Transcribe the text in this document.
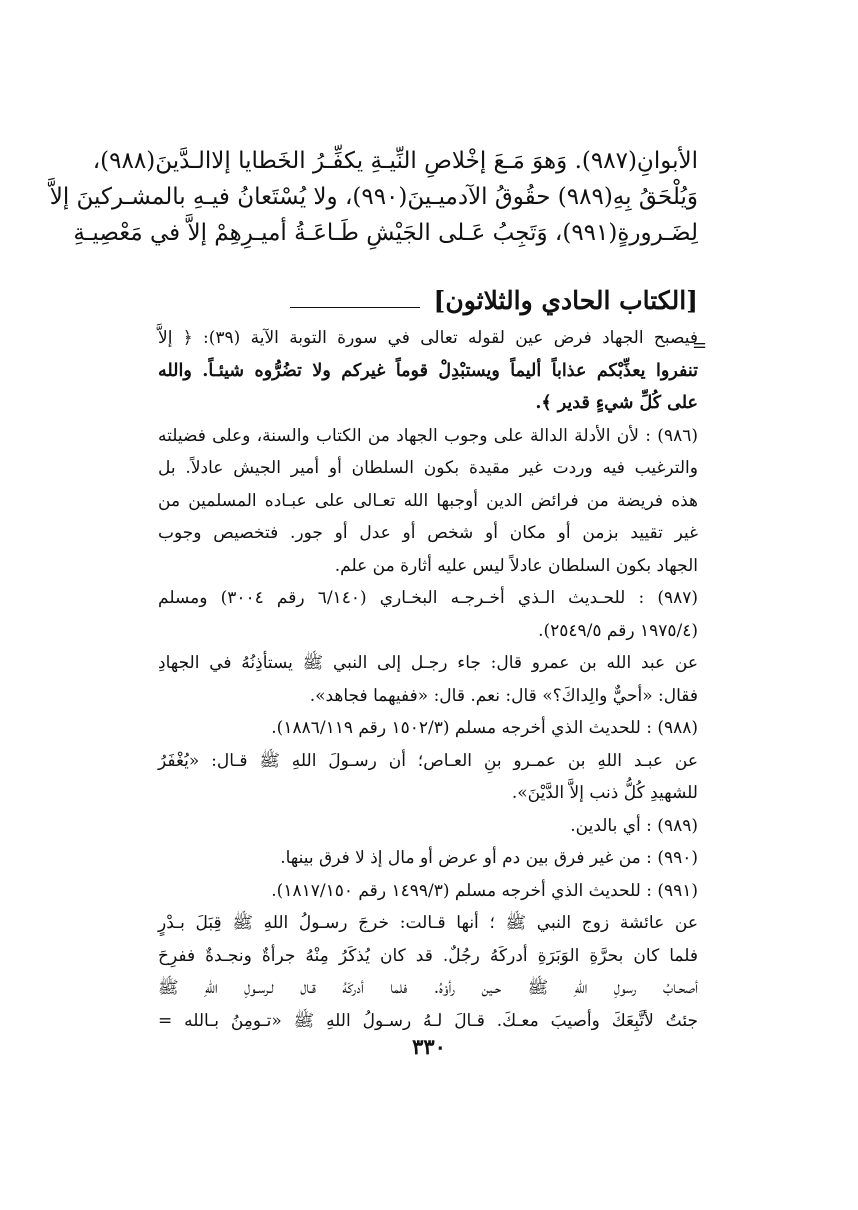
الأبوانِ(٩٨٧). وَهوَ مَـعَ إخْلاصِ النِّيـةِ يكفِّـرُ الخَطايا إلاالـدَّينَ(٩٨٨)،
وَيُلْحَقُ بِهِ(٩٨٩) حقُوقُ الآدميـينَ(٩٩٠)، ولا يُسْتَعانُ فيـهِ بالمشـركينَ إلاَّ
لِضَـرورةٍ(٩٩١)، وَتَجِبُ عَـلى الجَيْشِ طَـاعَـةُ أميـرِهِمْ إلاَّ في مَعْصِيـةِ
[الكتاب الحادي والثلاثون]
=
فيصبح الجهاد فرض عين لقوله تعالى في سورة التوبة الآية (٣٩): ﴿ إلاَّ
تنفروا يعذِّبْكم عذاباً أليماً ويستبْدِلْ قوماً غيركم ولا تضُرُّوه شيئـاً. والله
على كُلِّ شيءٍ قدير ﴾.
(٩٨٦) : لأن الأدلة الدالة على وجوب الجهاد من الكتاب والسنة، وعلى فضيلته
والترغيب فيه وردت غير مقيدة بكون السلطان أو أمير الجيش عادلاً. بل
هذه فريضة من فرائض الدين أوجبها الله تعـالى على عبـاده المسلمين من
غير تقييد بزمن أو مكان أو شخص أو عدل أو جور. فتخصيص وجوب
الجهاد بكون السلطان عادلاً ليس عليه أثارة من علم.
(٩٨٧) : للحـديث الـذي أخـرجـه البخـاري (٦/١٤٠ رقم ٣٠٠٤) ومسلم
(١٩٧٥/٤ رقم ٢٥٤٩/٥).
عن عبد الله بن عمرو قال: جاء رجـل إلى النبي ﷺ يستأذِنُهُ في الجهادِ
فقال: «أحيٌّ والِداكَ؟» قال: نعم. قال: «ففيهما فجاهد».
(٩٨٨) : للحديث الذي أخرجه مسلم (١٥٠٢/٣ رقم ١٨٨٦/١١٩).
عن عبـد اللهِ بن عمـرو بنِ العـاص؛ أن رسـولَ اللهِ ﷺ قـال: «يُغْفَرُ
للشهيدِ كُلُّ ذنب إلاَّ الدَّيْنَ».
(٩٨٩) : أي بالدين.
(٩٩٠) : من غير فرق بين دم أو عرض أو مال إذ لا فرق بينها.
(٩٩١) : للحديث الذي أخرجه مسلم (١٤٩٩/٣ رقم ١٨١٧/١٥٠).
عن عائشة زوج النبي ﷺ ؛ أنها قـالت: خرجَ رسـولُ اللهِ ﷺ قِبَلَ بـدْرٍ
فلما كان بحرَّةِ الوَبَرَةِ أدركَهُ رجُلٌ. قد كان يُذكَرُ مِنْهُ جرأةٌ ونجـدةٌ ففرِحَ
أصحـابُ رسولِ اللهِ ﷺ حـين رأوْهُ. فلما أدركَهُ قـال لـرسـولِ اللهِ ﷺ
جئتُ لأتَّبِعَكَ وأصيبَ معـكَ. قـالَ لـهُ رسـولُ اللهِ ﷺ «تـومِنُ بـالله =
٣٣٠
